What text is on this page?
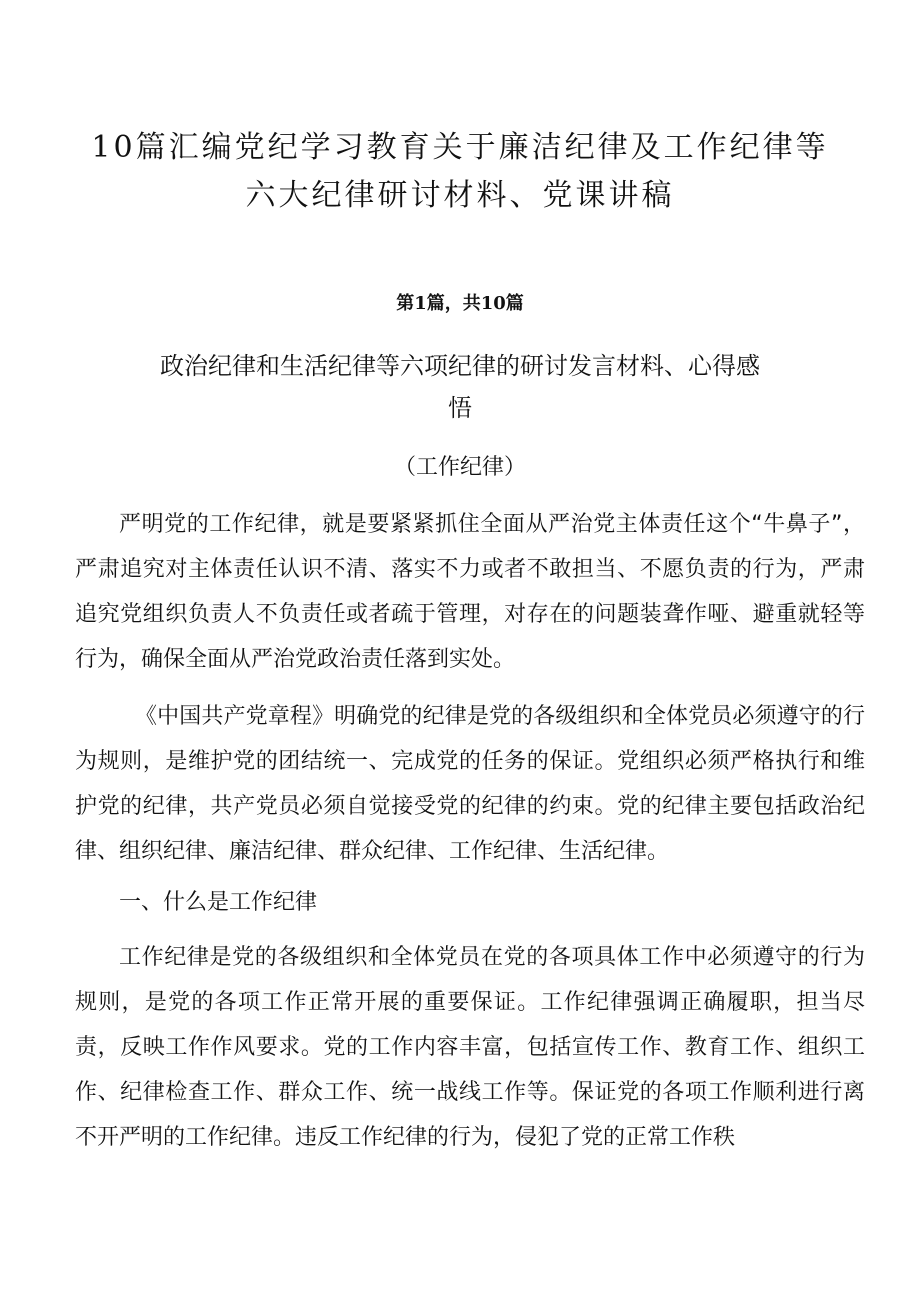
10篇汇编党纪学习教育关于廉洁纪律及工作纪律等
六大纪律研讨材料、党课讲稿
第1篇，共10篇
政治纪律和生活纪律等六项纪律的研讨发言材料、心得感
悟
（工作纪律）

严明党的工作纪律，就是要紧紧抓住全面从严治党主体责任这个“牛鼻子”，严肃追究对主体责任认识不清、落实不力或者不敢担当、不愿负责的行为，严肃追究党组织负责人不负责任或者疏于管理，对存在的问题装聋作哑、避重就轻等行为，确保全面从严治党政治责任落到实处。

《中国共产党章程》明确党的纪律是党的各级组织和全体党员必须遵守的行为规则，是维护党的团结统一、完成党的任务的保证。党组织必须严格执行和维护党的纪律，共产党员必须自觉接受党的纪律的约束。党的纪律主要包括政治纪律、组织纪律、廉洁纪律、群众纪律、工作纪律、生活纪律。

一、什么是工作纪律

工作纪律是党的各级组织和全体党员在党的各项具体工作中必须遵守的行为规则，是党的各项工作正常开展的重要保证。工作纪律强调正确履职，担当尽责，反映工作作风要求。党的工作内容丰富，包括宣传工作、教育工作、组织工作、纪律检查工作、群众工作、统一战线工作等。保证党的各项工作顺利进行离不开严明的工作纪律。违反工作纪律的行为，侵犯了党的正常工作秩
